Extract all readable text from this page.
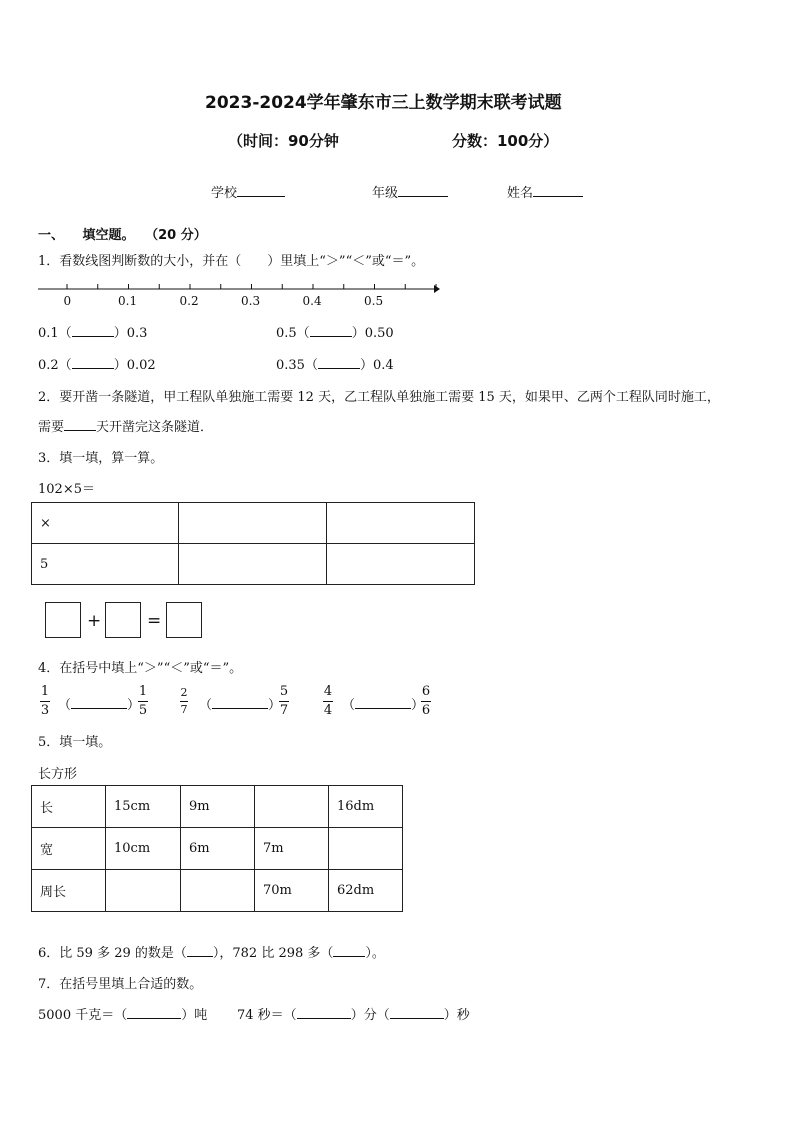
2023-2024学年肇东市三上数学期末联考试题
（时间：90分钟	分数：100分）
学校	年级	姓名
一、 填空题。 （20 分）
1．看数线图判断数的大小，并在（　　）里填上“＞”“＜”或“＝”。
0	0.1	0.2	0.3	0.4	0.5
0.1（	）0.3	0.5（	）0.50
0.2（	）0.02	0.35（	）0.4
2．要开凿一条隧道，甲工程队单独施工需要 12 天，乙工程队单独施工需要 15 天，如果甲、乙两个工程队同时施工，
需要 天开凿完这条隧道．
3．填一填，算一算。
102×5＝
×		
5		
+	=
4．在括号中填上“＞”“＜”或“＝”。
1
3 （	）
1
5
2
7 （	）
5
7
4
4 （	）
6
6
5．填一填。
长方形
长	15cm	9m		16dm
宽	10cm	6m	7m	
周长			70m	62dm
6．比 59 多 29 的数是（ ），782 比 298 多（ ）。
7．在括号里填上合适的数。
5000 千克＝（	）吨 74 秒＝（	）分（	）秒
